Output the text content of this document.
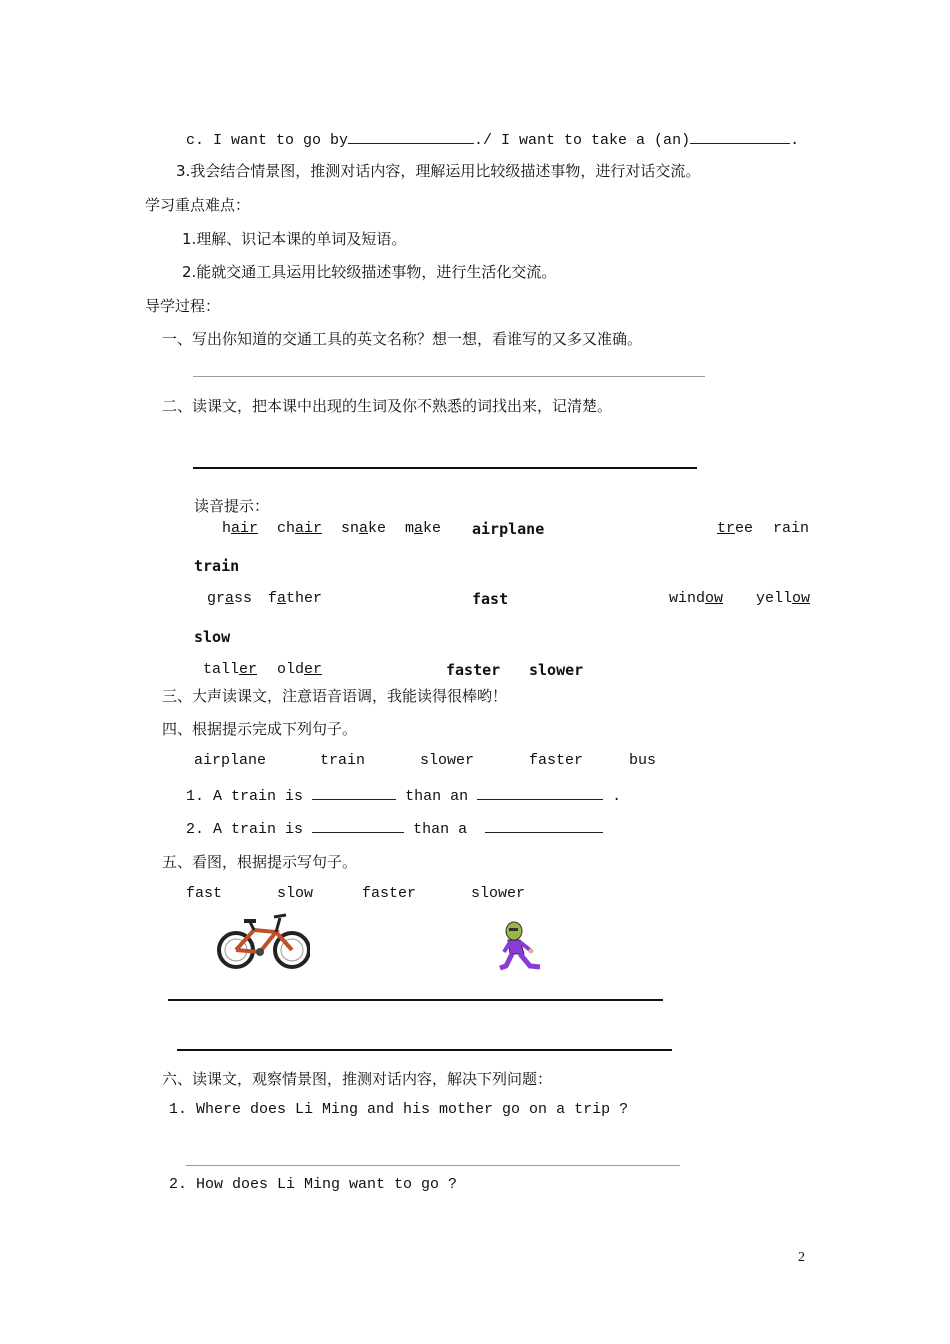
c. I want to go by	./ I want to take a (an)	.
3.我会结合情景图，推测对话内容，理解运用比较级描述事物，进行对话交流。
学习重点难点：
1.理解、识记本课的单词及短语。
2.能就交通工具运用比较级描述事物，进行生活化交流。
导学过程：
一、写出你知道的交通工具的英文名称？想一想，看谁写的又多又准确。
二、读课文，把本课中出现的生词及你不熟悉的词找出来，记清楚。
读音提示：
hair chair snake make airplane	tree rain
train
grass father	fast	window yellow
slow
taller older	faster slower
三、大声读课文，注意语音语调，我能读得很棒哟！
四、根据提示完成下列句子。
airplane	train	slower	faster	bus
1. A train is	than an	.
2. A train is	than a
五、看图，根据提示写句子。
fast	slow	faster	slower
六、读课文，观察情景图，推测对话内容，解决下列问题：
1. Where does Li Ming and his mother go on a trip ?
2. How does Li Ming want to go ?
2
